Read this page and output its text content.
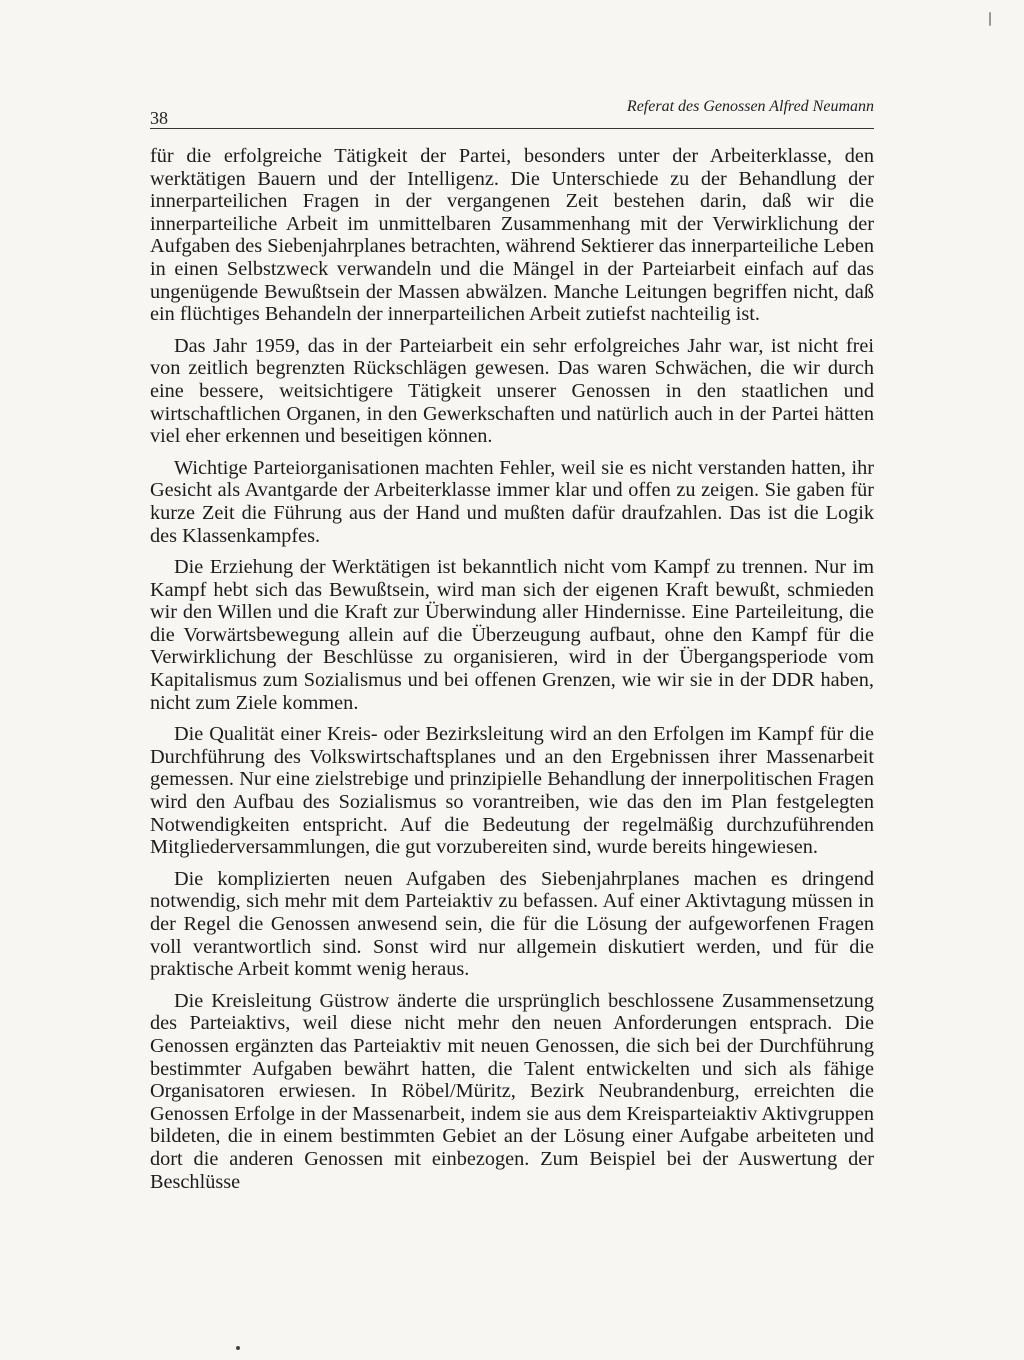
38
Referat des Genossen Alfred Neumann

für die erfolgreiche Tätigkeit der Partei, besonders unter der Arbeiterklasse, den werktätigen Bauern und der Intelligenz. Die Unterschiede zu der Behandlung der innerparteilichen Fragen in der vergangenen Zeit bestehen darin, daß wir die innerparteiliche Arbeit im unmittelbaren Zusammenhang mit der Verwirklichung der Aufgaben des Siebenjahrplanes betrachten, während Sektierer das innerparteiliche Leben in einen Selbstzweck verwandeln und die Mängel in der Parteiarbeit einfach auf das ungenügende Bewußtsein der Massen abwälzen. Manche Leitungen begriffen nicht, daß ein flüchtiges Behandeln der innerparteilichen Arbeit zutiefst nachteilig ist.

Das Jahr 1959, das in der Parteiarbeit ein sehr erfolgreiches Jahr war, ist nicht frei von zeitlich begrenzten Rückschlägen gewesen. Das waren Schwächen, die wir durch eine bessere, weitsichtigere Tätigkeit unserer Genossen in den staatlichen und wirtschaftlichen Organen, in den Gewerkschaften und natürlich auch in der Partei hätten viel eher erkennen und beseitigen können.

Wichtige Parteiorganisationen machten Fehler, weil sie es nicht verstanden hatten, ihr Gesicht als Avantgarde der Arbeiterklasse immer klar und offen zu zeigen. Sie gaben für kurze Zeit die Führung aus der Hand und mußten dafür draufzahlen. Das ist die Logik des Klassenkampfes.

Die Erziehung der Werktätigen ist bekanntlich nicht vom Kampf zu trennen. Nur im Kampf hebt sich das Bewußtsein, wird man sich der eigenen Kraft bewußt, schmieden wir den Willen und die Kraft zur Überwindung aller Hindernisse. Eine Parteileitung, die die Vorwärtsbewegung allein auf die Überzeugung aufbaut, ohne den Kampf für die Verwirklichung der Beschlüsse zu organisieren, wird in der Übergangsperiode vom Kapitalismus zum Sozialismus und bei offenen Grenzen, wie wir sie in der DDR haben, nicht zum Ziele kommen.

Die Qualität einer Kreis- oder Bezirksleitung wird an den Erfolgen im Kampf für die Durchführung des Volkswirtschaftsplanes und an den Ergebnissen ihrer Massenarbeit gemessen. Nur eine zielstrebige und prinzipielle Behandlung der innerpolitischen Fragen wird den Aufbau des Sozialismus so vorantreiben, wie das den im Plan festgelegten Notwendigkeiten entspricht. Auf die Bedeutung der regelmäßig durchzuführenden Mitgliederversammlungen, die gut vorzubereiten sind, wurde bereits hingewiesen.

Die komplizierten neuen Aufgaben des Siebenjahrplanes machen es dringend notwendig, sich mehr mit dem Parteiaktiv zu befassen. Auf einer Aktivtagung müssen in der Regel die Genossen anwesend sein, die für die Lösung der aufgeworfenen Fragen voll verantwortlich sind. Sonst wird nur allgemein diskutiert werden, und für die praktische Arbeit kommt wenig heraus.

Die Kreisleitung Güstrow änderte die ursprünglich beschlossene Zusammensetzung des Parteiaktivs, weil diese nicht mehr den neuen Anforderungen entsprach. Die Genossen ergänzten das Parteiaktiv mit neuen Genossen, die sich bei der Durchführung bestimmter Aufgaben bewährt hatten, die Talent entwickelten und sich als fähige Organisatoren erwiesen. In Röbel/Müritz, Bezirk Neubrandenburg, erreichten die Genossen Erfolge in der Massenarbeit, indem sie aus dem Kreisparteiaktiv Aktivgruppen bildeten, die in einem bestimmten Gebiet an der Lösung einer Aufgabe arbeiteten und dort die anderen Genossen mit einbezogen. Zum Beispiel bei der Auswertung der Beschlüsse
